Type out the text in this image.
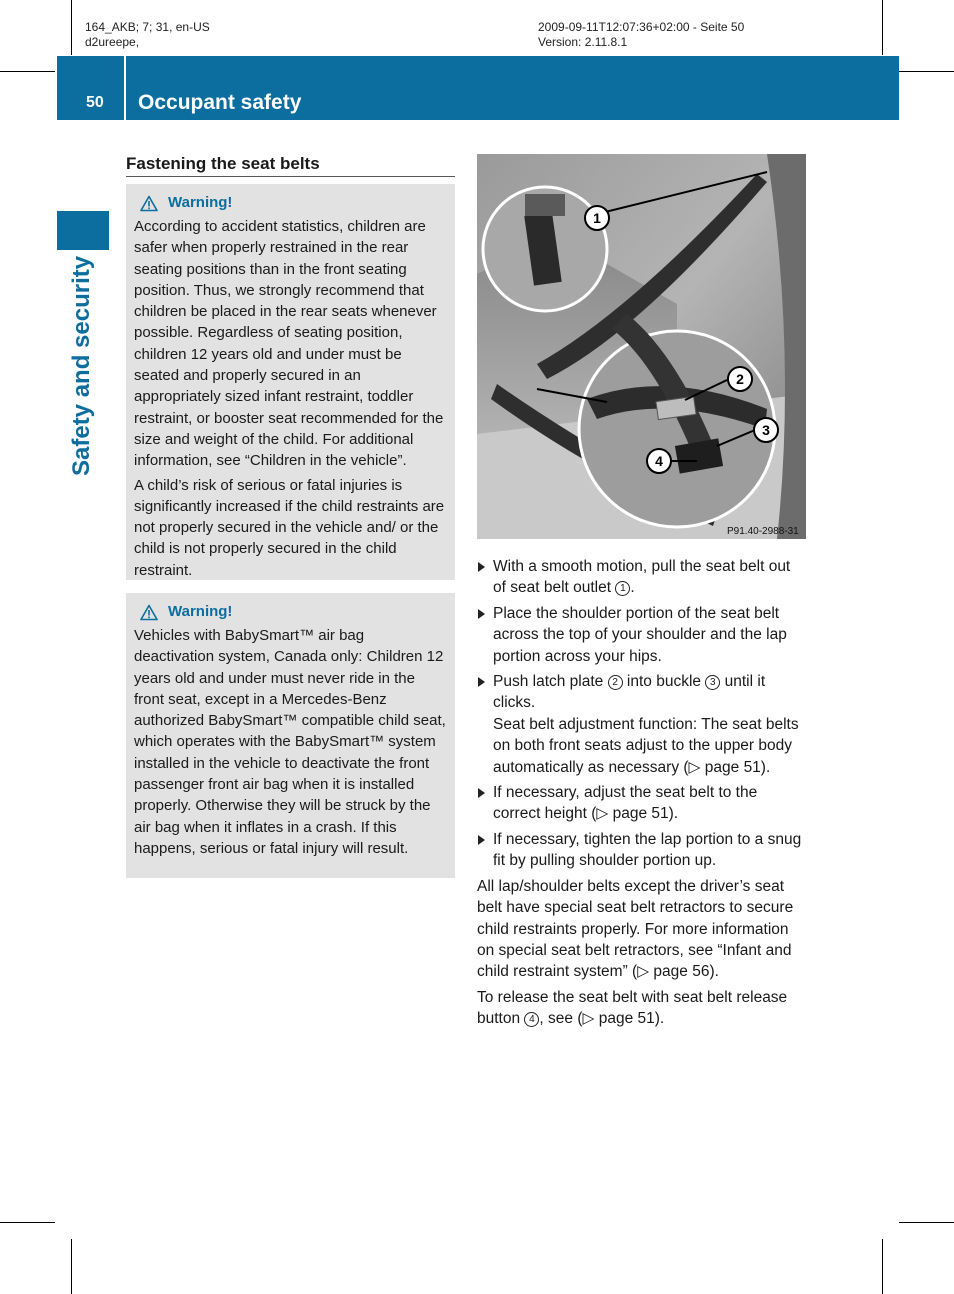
164_AKB; 7; 31, en-US
d2ureepe,
2009-09-11T12:07:36+02:00 - Seite 50
Version: 2.11.8.1
50 Occupant safety
Safety and security
Fastening the seat belts
Warning!

According to accident statistics, children are safer when properly restrained in the rear seating positions than in the front seating position. Thus, we strongly recommend that children be placed in the rear seats whenever possible. Regardless of seating position, children 12 years old and under must be seated and properly secured in an appropriately sized infant restraint, toddler restraint, or booster seat recommended for the size and weight of the child. For additional information, see “Children in the vehicle”.

A child’s risk of serious or fatal injuries is significantly increased if the child restraints are not properly secured in the vehicle and/ or the child is not properly secured in the child restraint.

Warning!

Vehicles with BabySmart™ air bag deactivation system, Canada only: Children 12 years old and under must never ride in the front seat, except in a Mercedes-Benz authorized BabySmart™ compatible child seat, which operates with the BabySmart™ system installed in the vehicle to deactivate the front passenger front air bag when it is installed properly. Otherwise they will be struck by the air bag when it inflates in a crash. If this happens, serious or fatal injury will result.

1
2
3
4
P91.40-2988-31
With a smooth motion, pull the seat belt out of seat belt outlet 1 .
Place the shoulder portion of the seat belt across the top of your shoulder and the lap portion across your hips.
Push latch plate 2 into buckle 3 until it clicks.
Seat belt adjustment function: The seat belts on both front seats adjust to the upper body automatically as necessary (▷ page 51).
If necessary, adjust the seat belt to the correct height (▷ page 51).
If necessary, tighten the lap portion to a snug fit by pulling shoulder portion up.

All lap/shoulder belts except the driver’s seat belt have special seat belt retractors to secure child restraints properly. For more information on special seat belt retractors, see “Infant and child restraint system” (▷ page 56).

To release the seat belt with seat belt release button 4 , see (▷ page 51).
